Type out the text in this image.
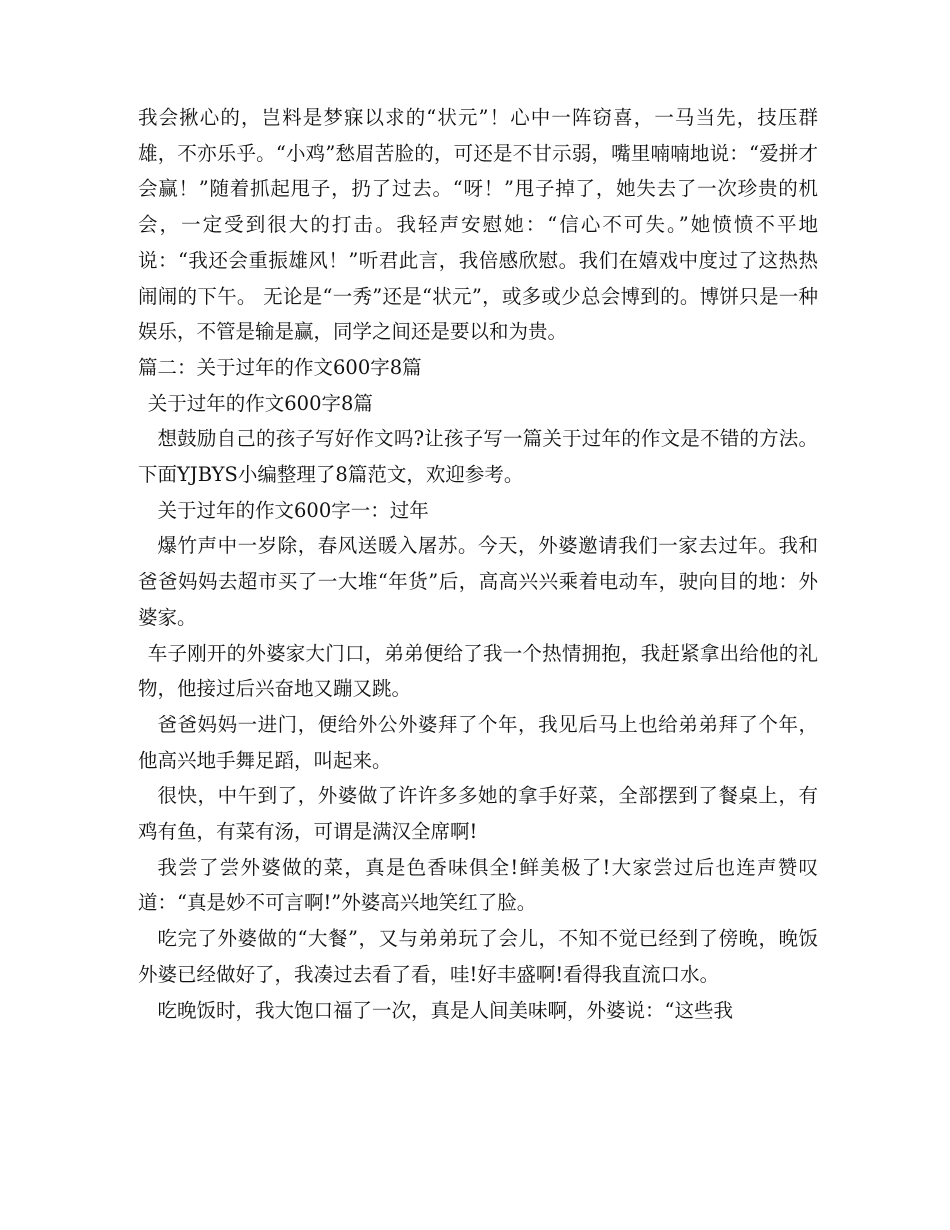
我会揪心的，岂料是梦寐以求的“状元”！心中一阵窃喜，一马当先，技压群雄，不亦乐乎。“小鸡”愁眉苦脸的，可还是不甘示弱，嘴里喃喃地说：“爱拼才会赢！”随着抓起甩子，扔了过去。“呀！”甩子掉了，她失去了一次珍贵的机会，一定受到很大的打击。我轻声安慰她：“信心不可失。”她愤愤不平地说：“我还会重振雄风！”听君此言，我倍感欣慰。我们在嬉戏中度过了这热热闹闹的下午。 无论是“一秀”还是“状元”，或多或少总会博到的。博饼只是一种娱乐，不管是输是赢，同学之间还是要以和为贵。

篇二：关于过年的作文600字8篇

关于过年的作文600字8篇

想鼓励自己的孩子写好作文吗?让孩子写一篇关于过年的作文是不错的方法。下面YJBYS小编整理了8篇范文，欢迎参考。

关于过年的作文600字一：过年

爆竹声中一岁除，春风送暖入屠苏。今天，外婆邀请我们一家去过年。我和爸爸妈妈去超市买了一大堆“年货”后，高高兴兴乘着电动车，驶向目的地：外婆家。

车子刚开的外婆家大门口，弟弟便给了我一个热情拥抱，我赶紧拿出给他的礼物，他接过后兴奋地又蹦又跳。

爸爸妈妈一进门，便给外公外婆拜了个年，我见后马上也给弟弟拜了个年，他高兴地手舞足蹈，叫起来。

很快，中午到了，外婆做了许许多多她的拿手好菜，全部摆到了餐桌上，有鸡有鱼，有菜有汤，可谓是满汉全席啊!

我尝了尝外婆做的菜，真是色香味俱全!鲜美极了!大家尝过后也连声赞叹道：“真是妙不可言啊!”外婆高兴地笑红了脸。

吃完了外婆做的“大餐”，又与弟弟玩了会儿，不知不觉已经到了傍晚，晚饭外婆已经做好了，我凑过去看了看，哇!好丰盛啊!看得我直流口水。

吃晚饭时，我大饱口福了一次，真是人间美味啊，外婆说：“这些我
